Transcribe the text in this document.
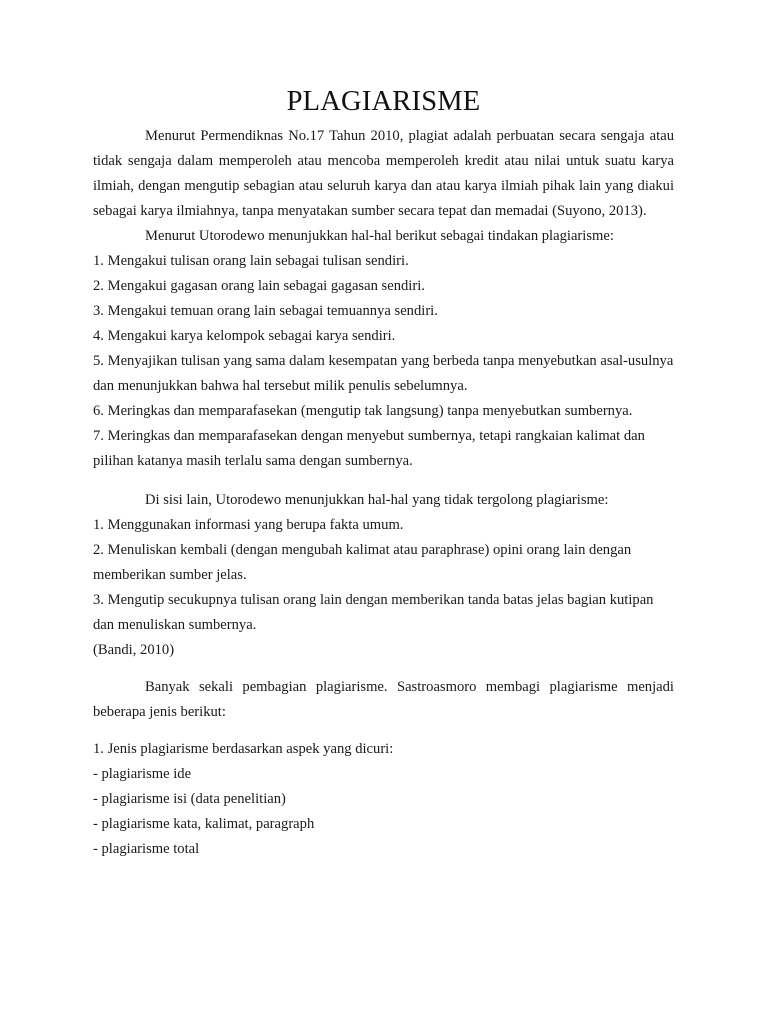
PLAGIARISME

Menurut Permendiknas No.17 Tahun 2010, plagiat adalah perbuatan secara sengaja atau tidak sengaja dalam memperoleh atau mencoba memperoleh kredit atau nilai untuk suatu karya ilmiah, dengan mengutip sebagian atau seluruh karya dan atau karya ilmiah pihak lain yang diakui sebagai karya ilmiahnya, tanpa menyatakan sumber secara tepat dan memadai (Suyono, 2013).

Menurut Utorodewo menunjukkan hal-hal berikut sebagai tindakan plagiarisme:

1. Mengakui tulisan orang lain sebagai tulisan sendiri.
2. Mengakui gagasan orang lain sebagai gagasan sendiri.
3. Mengakui temuan orang lain sebagai temuannya sendiri.
4. Mengakui karya kelompok sebagai karya sendiri.
5. Menyajikan tulisan yang sama dalam kesempatan yang berbeda tanpa menyebutkan asal-usulnya dan menunjukkan bahwa hal tersebut milik penulis sebelumnya.
6. Meringkas dan memparafasekan (mengutip tak langsung) tanpa menyebutkan sumbernya.
7. Meringkas dan memparafasekan dengan menyebut sumbernya, tetapi rangkaian kalimat dan pilihan katanya masih terlalu sama dengan sumbernya.

Di sisi lain, Utorodewo menunjukkan hal-hal yang tidak tergolong plagiarisme:

1. Menggunakan informasi yang berupa fakta umum.
2. Menuliskan kembali (dengan mengubah kalimat atau paraphrase) opini orang lain dengan memberikan sumber jelas.
3. Mengutip secukupnya tulisan orang lain dengan memberikan tanda batas jelas bagian kutipan dan menuliskan sumbernya.

(Bandi, 2010)

Banyak sekali pembagian plagiarisme. Sastroasmoro membagi plagiarisme menjadi beberapa jenis berikut:

1. Jenis plagiarisme berdasarkan aspek yang dicuri:

- plagiarisme ide
- plagiarisme isi (data penelitian)
- plagiarisme kata, kalimat, paragraph
- plagiarisme total
